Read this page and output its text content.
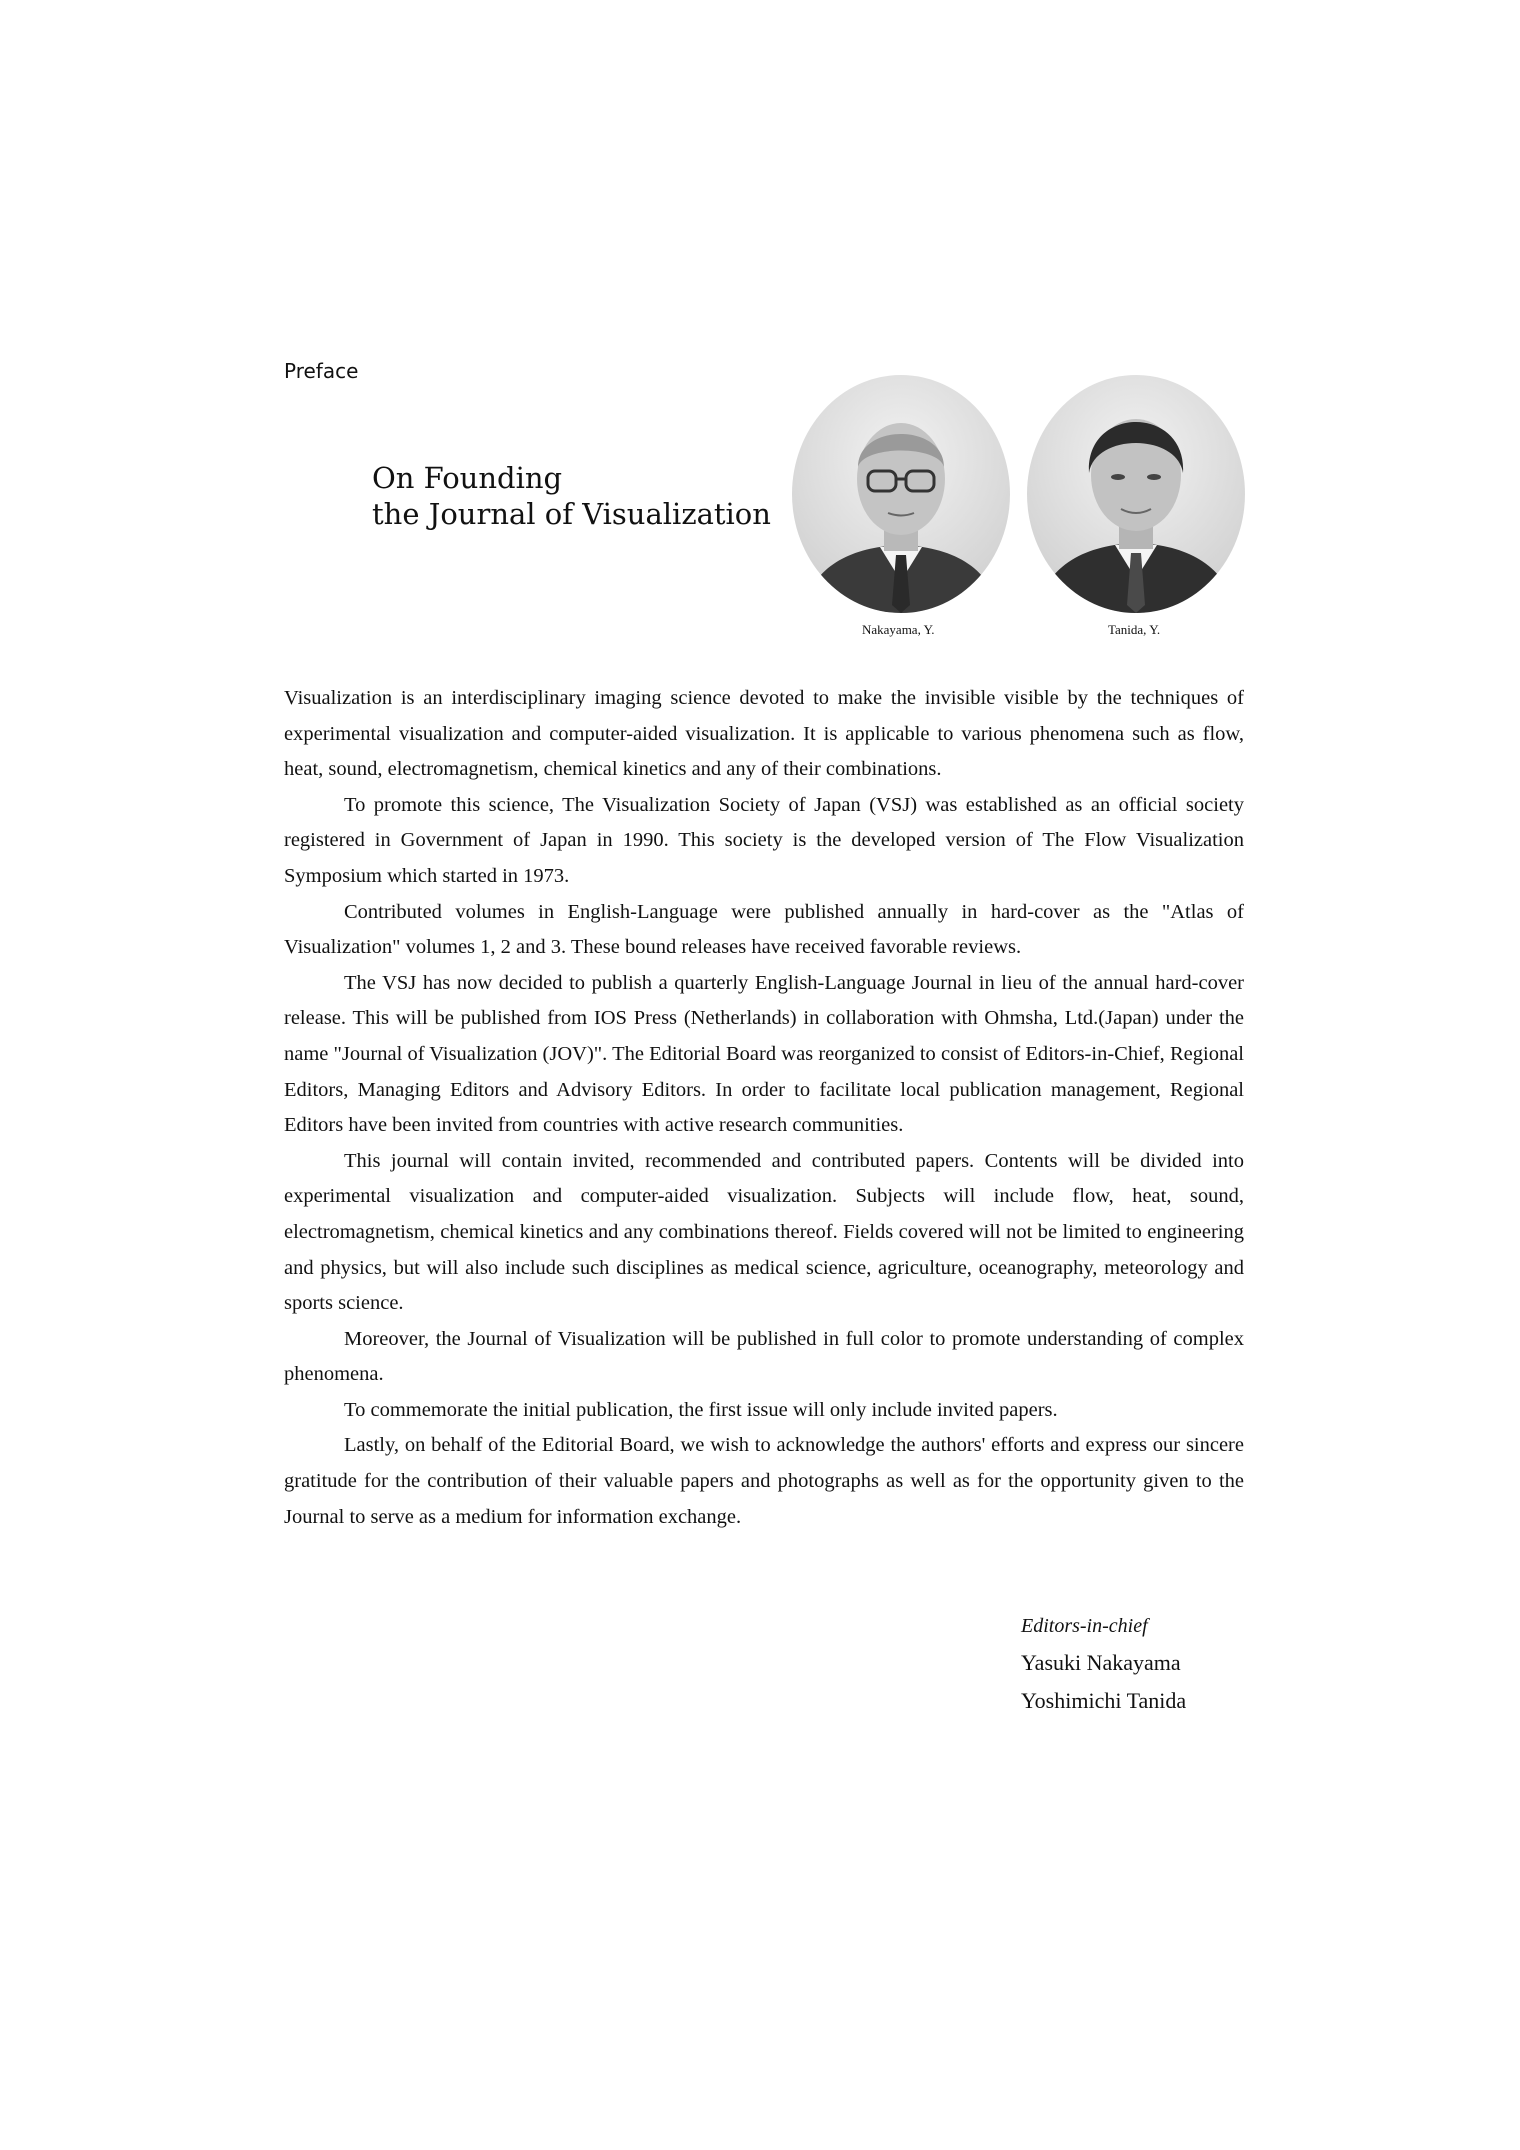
Preface
On Founding
the Journal of Visualization
Nakayama, Y.	Tanida, Y.

Visualization is an interdisciplinary imaging science devoted to make the invisible visible by the techniques of experimental visualization and computer-aided visualization. It is applicable to various phenomena such as flow, heat, sound, electromagnetism, chemical kinetics and any of their combinations.

To promote this science, The Visualization Society of Japan (VSJ) was established as an official society registered in Government of Japan in 1990. This society is the developed version of The Flow Visualization Symposium which started in 1973.

Contributed volumes in English-Language were published annually in hard-cover as the "Atlas of Visualization" volumes 1, 2 and 3. These bound releases have received favorable reviews.

The VSJ has now decided to publish a quarterly English-Language Journal in lieu of the annual hard-cover release. This will be published from IOS Press (Netherlands) in collaboration with Ohmsha, Ltd.(Japan) under the name "Journal of Visualization (JOV)". The Editorial Board was reorganized to consist of Editors-in-Chief, Regional Editors, Managing Editors and Advisory Editors. In order to facilitate local publication management, Regional Editors have been invited from countries with active research communities.

This journal will contain invited, recommended and contributed papers. Contents will be divided into experimental visualization and computer-aided visualization. Subjects will include flow, heat, sound, electromagnetism, chemical kinetics and any combinations thereof. Fields covered will not be limited to engineering and physics, but will also include such disciplines as medical science, agriculture, oceanography, meteorology and sports science.

Moreover, the Journal of Visualization will be published in full color to promote understanding of complex phenomena.

To commemorate the initial publication, the first issue will only include invited papers.

Lastly, on behalf of the Editorial Board, we wish to acknowledge the authors' efforts and express our sincere gratitude for the contribution of their valuable papers and photographs as well as for the opportunity given to the Journal to serve as a medium for information exchange.

Editors-in-chief
Yasuki Nakayama
Yoshimichi Tanida
